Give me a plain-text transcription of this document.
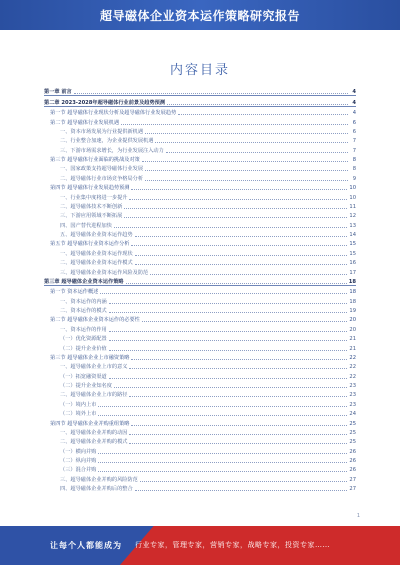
超导磁体企业资本运作策略研究报告
内容目录
第一章 前言	4
第二章 2023-2028年超导磁体行业前景及趋势预测	4
第一节 超导磁体行业现状分析及超导磁体行业发展趋势	4
第二节 超导磁体行业发展机遇	6
一、资本市场发展为行业提供新机遇	6
二、行业整合加速，为企业提供发展机遇	7
三、下游市场需求增长，为行业发展注入动力	7
第三节 超导磁体行业面临的挑战及对策	8
一、国家政策支持超导磁体行业发展	8
二、超导磁体行业市场竞争格局分析	9
第四节 超导磁体行业发展趋势预测	10
一、行业集中度将进一步提升	10
二、超导磁体技术不断创新	11
三、下游应用领域不断拓展	12
四、国产替代进程加快	13
五、超导磁体企业资本运作趋势	14
第五节 超导磁体行业资本运作分析	15
一、超导磁体企业资本运作现状	15
二、超导磁体企业资本运作模式	16
三、超导磁体企业资本运作风险及防范	17
第三章 超导磁体企业资本运作策略	18
第一节 资本运作概述	18
一、资本运作的内涵	18
二、资本运作的模式	19
第二节 超导磁体企业资本运作的必要性	20
一、资本运作的作用	20
（一）优化资源配置	21
（二）提升企业价值	21
第三节 超导磁体企业上市融资策略	22
一、超导磁体企业上市的意义	22
（一）拓宽融资渠道	22
（二）提升企业知名度	23
二、超导磁体企业上市的路径	23
（一）境内上市	23
（二）境外上市	24
第四节 超导磁体企业并购重组策略	25
一、超导磁体企业并购的动因	25
二、超导磁体企业并购的模式	25
（一）横向并购	26
（二）纵向并购	26
（三）混合并购	26
三、超导磁体企业并购的风险防范	27
四、超导磁体企业并购后的整合	27
1
让每个人都能成为 行业专家，管理专家，营销专家，战略专家，投资专家……
